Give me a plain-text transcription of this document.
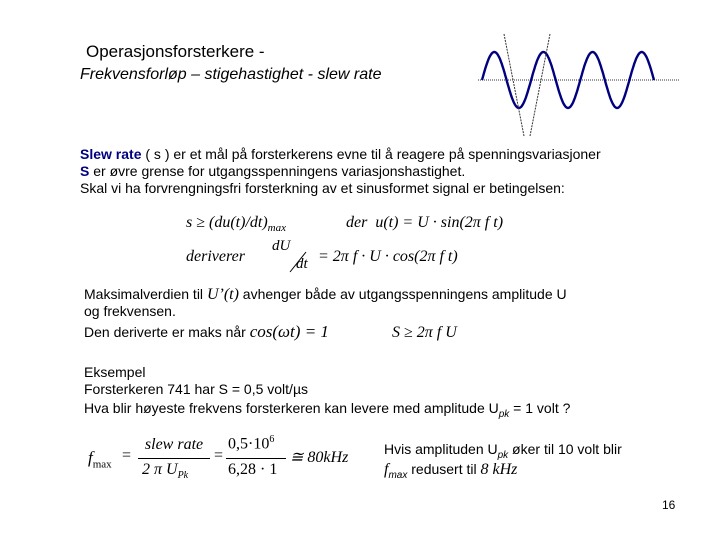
Operasjonsforsterkere -
Frekvensforløp – stigehastighet - slew rate
Slew rate ( s ) er et mål på forsterkerens evne til å reagere på spenningsvariasjoner
S er øvre grense for utgangsspenningens variasjonshastighet.
Skal vi ha forvrengningsfri forsterkning av et sinusformet signal er betingelsen:
$s \ge (du(t)/dt)_{max}$	der u(t) = U · sin(2π f t)
deriverer
dU
dt = 2π f · U · cos(2π f t)
Maksimalverdien til U’(t) avhenger både av utgangsspenningens amplitude U
og frekvensen.
Den deriverte er maks når cos(ωt) = 1	S ≥ 2π f U
Eksempel
Forsterkeren 741 har S = 0,5 volt/µs
Hva blir høyeste frekvens forsterkeren kan levere med amplitude $U_{pk} = 1$ volt ?
$f_{max}$
=
slew rate
2 π $U_{Pk}$
=
$0,5\cdot 10^6$
6,28 · 1
≅ 80kHz	Hvis amplituden $U_{pk}$ øker til 10 volt blir
$f_{max}$ redusert til 8 kHz
16
